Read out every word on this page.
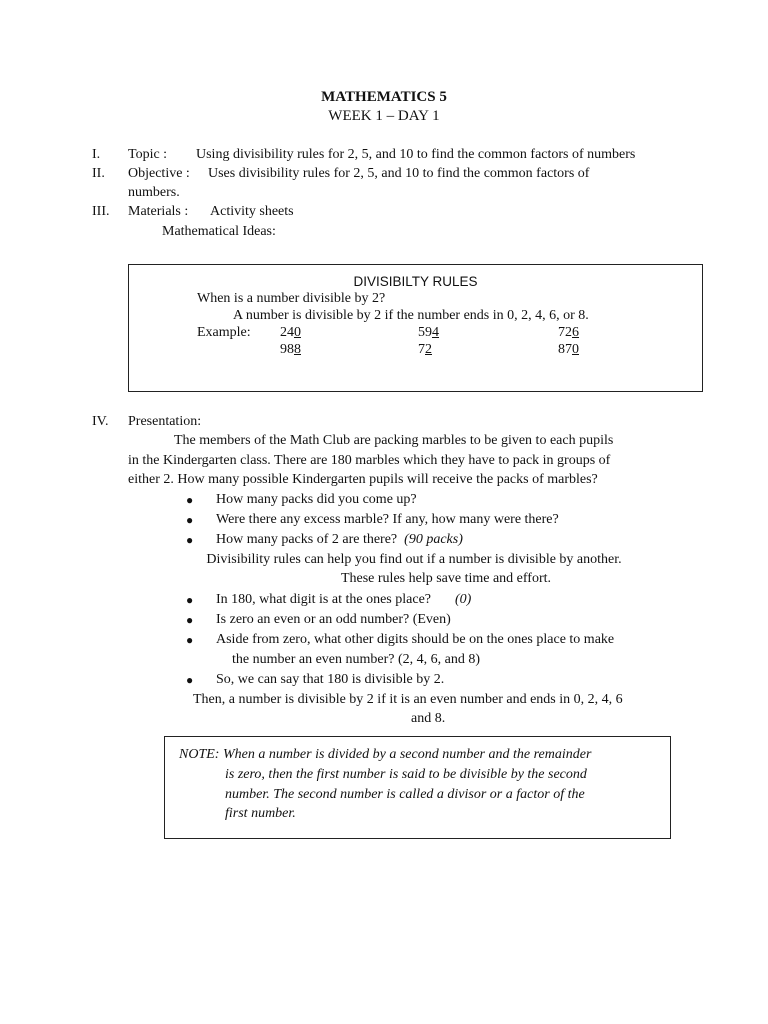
MATHEMATICS 5
WEEK 1 – DAY 1
I. Topic : Using divisibility rules for 2, 5, and 10 to find the common factors of numbers
II. Objective : Uses divisibility rules for 2, 5, and 10 to find the common factors of
numbers.
III. Materials : Activity sheets
Mathematical Ideas:
DIVISIBILTY RULES
When is a number divisible by 2?
A number is divisible by 2 if the number ends in 0, 2, 4, 6, or 8.
Example: 240	594	726
988	72	870
IV. Presentation:
The members of the Math Club are packing marbles to be given to each pupils
in the Kindergarten class. There are 180 marbles which they have to pack in groups of
either 2. How many possible Kindergarten pupils will receive the packs of marbles?
● How many packs did you come up?
● Were there any excess marble? If any, how many were there?
● How many packs of 2 are there? (90 packs)
Divisibility rules can help you find out if a number is divisible by another.
These rules help save time and effort.
● In 180, what digit is at the ones place? (0)
● Is zero an even or an odd number? (Even)
● Aside from zero, what other digits should be on the ones place to make
the number an even number? (2, 4, 6, and 8)
● So, we can say that 180 is divisible by 2.
Then, a number is divisible by 2 if it is an even number and ends in 0, 2, 4, 6
and 8.
NOTE: When a number is divided by a second number and the remainder
is zero, then the first number is said to be divisible by the second
number. The second number is called a divisor or a factor of the
first number.
